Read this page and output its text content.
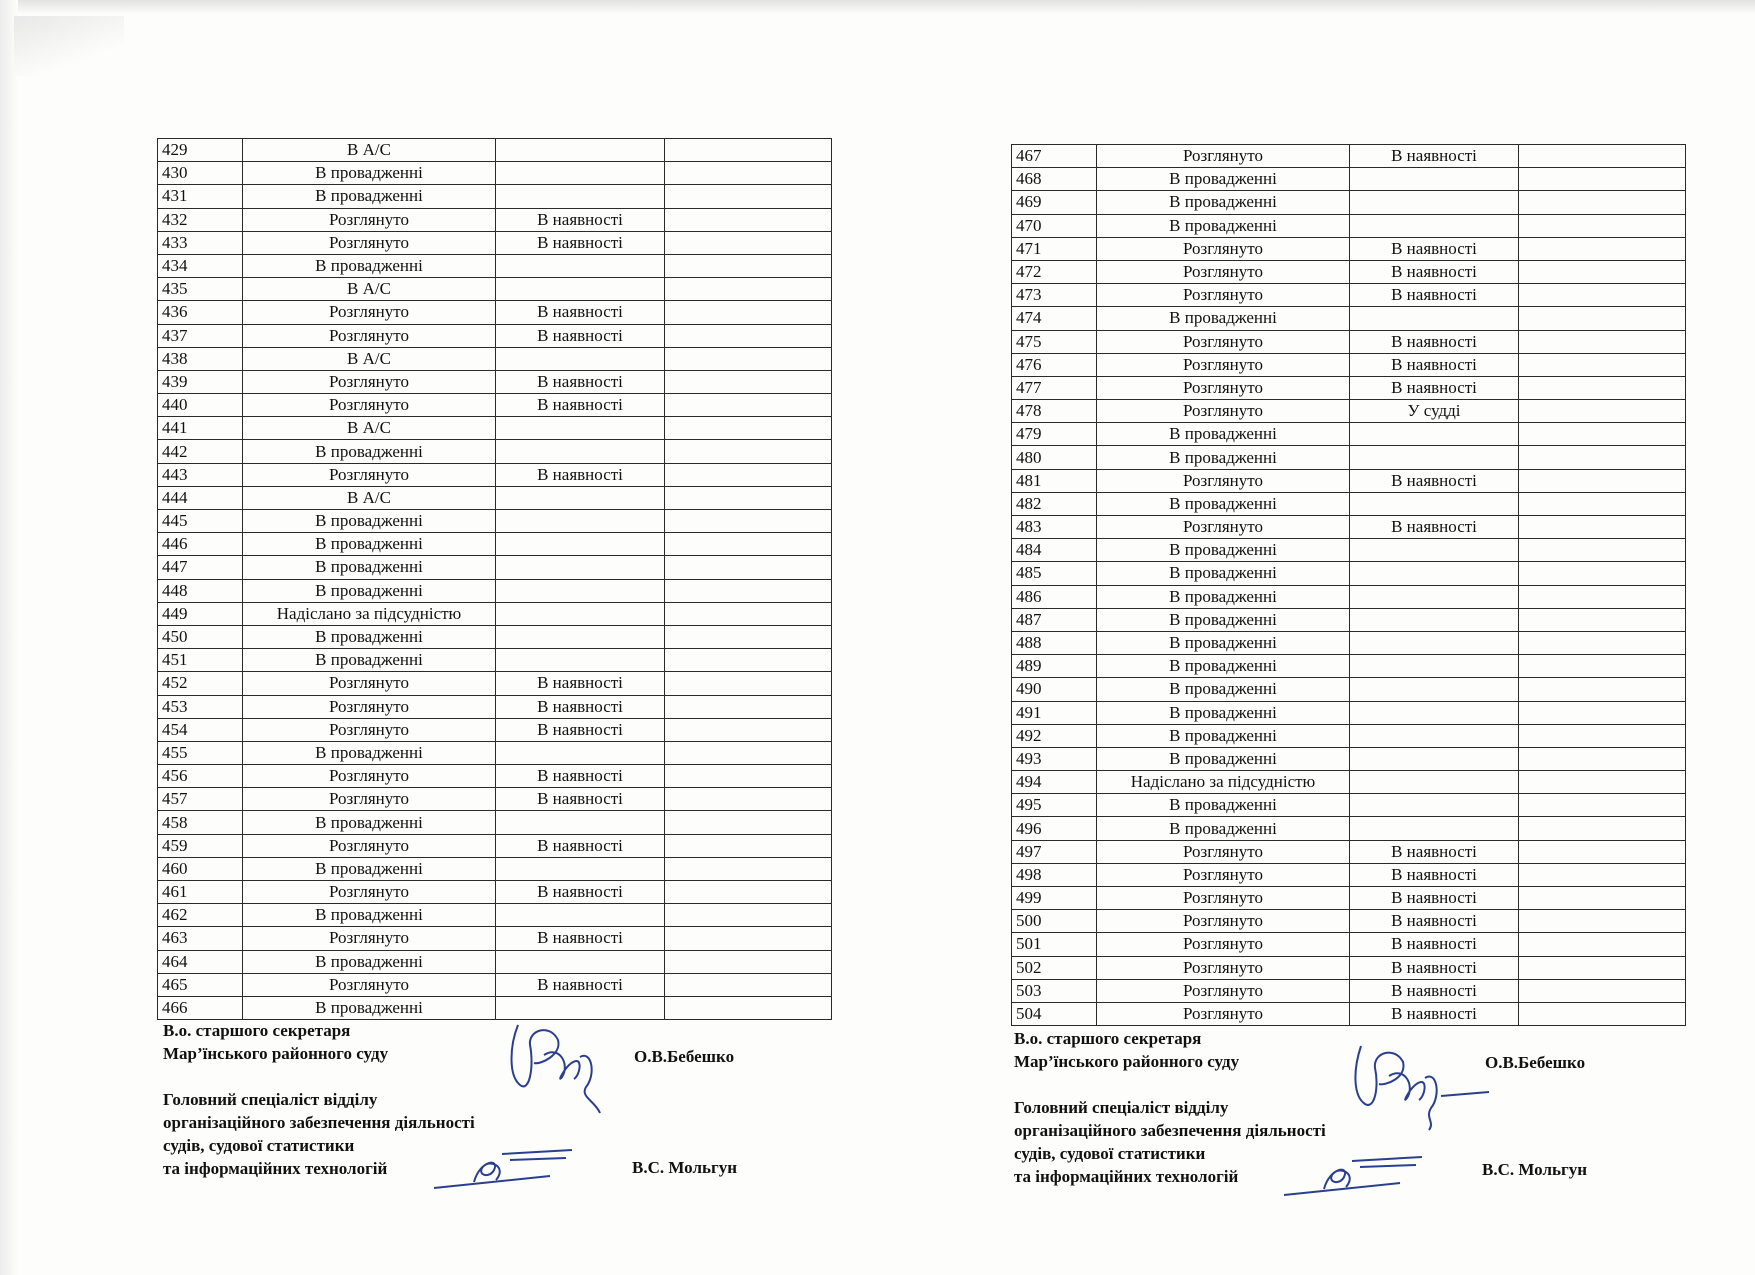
429	В А/С		
430	В провадженні		
431	В провадженні		
432	Розглянуто	В наявності	
433	Розглянуто	В наявності	
434	В провадженні		
435	В А/С		
436	Розглянуто	В наявності	
437	Розглянуто	В наявності	
438	В А/С		
439	Розглянуто	В наявності	
440	Розглянуто	В наявності	
441	В А/С		
442	В провадженні		
443	Розглянуто	В наявності	
444	В А/С		
445	В провадженні		
446	В провадженні		
447	В провадженні		
448	В провадженні		
449	Надіслано за підсудністю		
450	В провадженні		
451	В провадженні		
452	Розглянуто	В наявності	
453	Розглянуто	В наявності	
454	Розглянуто	В наявності	
455	В провадженні		
456	Розглянуто	В наявності	
457	Розглянуто	В наявності	
458	В провадженні		
459	Розглянуто	В наявності	
460	В провадженні		
461	Розглянуто	В наявності	
462	В провадженні		
463	Розглянуто	В наявності	
464	В провадженні		
465	Розглянуто	В наявності	
466	В провадженні		
В.о. старшого секретаря
Мар’їнського районного суду
Головний спеціаліст відділу
організаційного забезпечення діяльності
судів, судової статистики
та інформаційних технологій
О.В.Бебешко
В.С. Мольгун
467	Розглянуто	В наявності	
468	В провадженні		
469	В провадженні		
470	В провадженні		
471	Розглянуто	В наявності	
472	Розглянуто	В наявності	
473	Розглянуто	В наявності	
474	В провадженні		
475	Розглянуто	В наявності	
476	Розглянуто	В наявності	
477	Розглянуто	В наявності	
478	Розглянуто	У судді	
479	В провадженні		
480	В провадженні		
481	Розглянуто	В наявності	
482	В провадженні		
483	Розглянуто	В наявності	
484	В провадженні		
485	В провадженні		
486	В провадженні		
487	В провадженні		
488	В провадженні		
489	В провадженні		
490	В провадженні		
491	В провадженні		
492	В провадженні		
493	В провадженні		
494	Надіслано за підсудністю		
495	В провадженні		
496	В провадженні		
497	Розглянуто	В наявності	
498	Розглянуто	В наявності	
499	Розглянуто	В наявності	
500	Розглянуто	В наявності	
501	Розглянуто	В наявності	
502	Розглянуто	В наявності	
503	Розглянуто	В наявності	
504	Розглянуто	В наявності	
В.о. старшого секретаря
Мар’їнського районного суду
Головний спеціаліст відділу
організаційного забезпечення діяльності
судів, судової статистики
та інформаційних технологій
О.В.Бебешко
В.С. Мольгун
